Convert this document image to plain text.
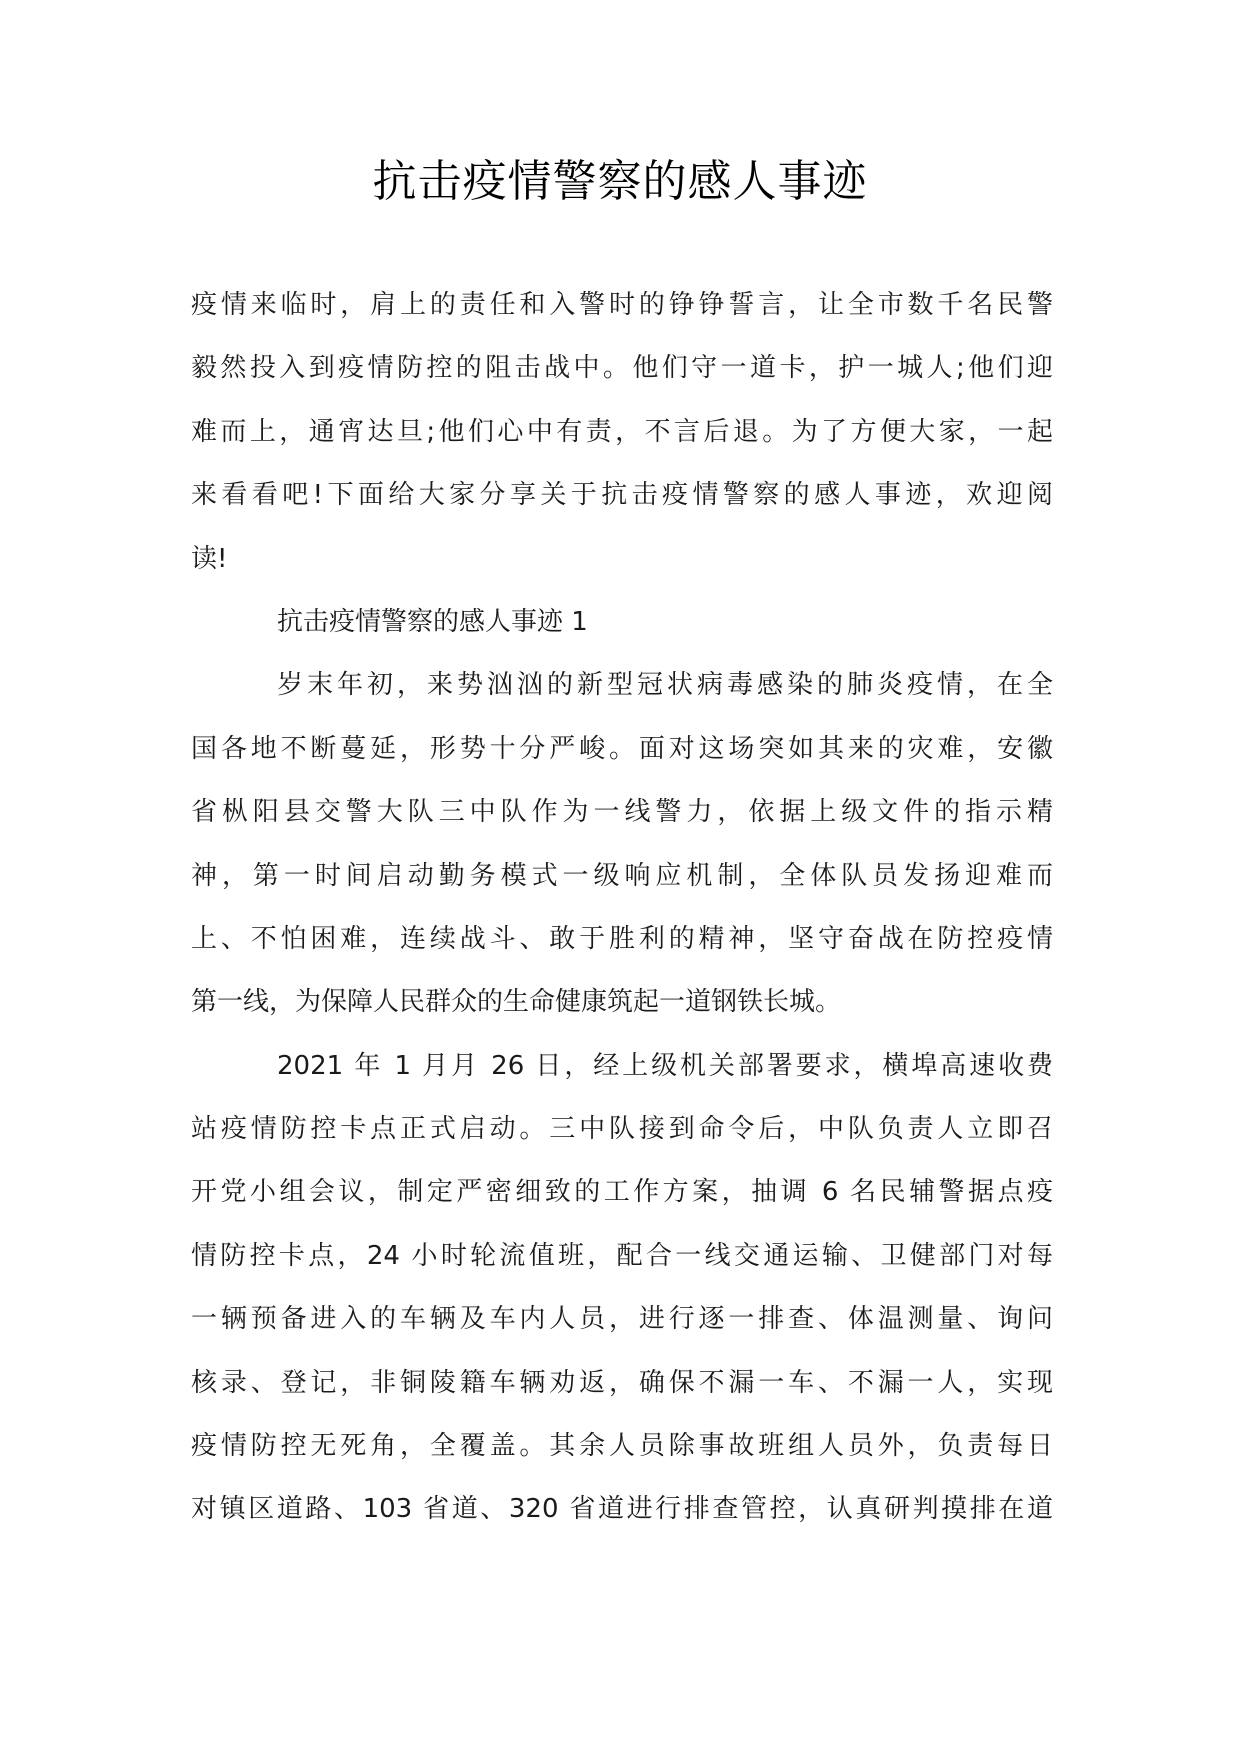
抗击疫情警察的感人事迹
疫情来临时，肩上的责任和入警时的铮铮誓言，让全市数千名民警
毅然投入到疫情防控的阻击战中。他们守一道卡，护一城人;他们迎
难而上，通宵达旦;他们心中有责，不言后退。为了方便大家，一起
来看看吧!下面给大家分享关于抗击疫情警察的感人事迹，欢迎阅
读!
抗击疫情警察的感人事迹 1
岁末年初，来势汹汹的新型冠状病毒感染的肺炎疫情，在全
国各地不断蔓延，形势十分严峻。面对这场突如其来的灾难，安徽
省枞阳县交警大队三中队作为一线警力，依据上级文件的指示精
神，第一时间启动勤务模式一级响应机制，全体队员发扬迎难而
上、不怕困难，连续战斗、敢于胜利的精神，坚守奋战在防控疫情
第一线，为保障人民群众的生命健康筑起一道钢铁长城。
2021 年 1 月月 26 日，经上级机关部署要求，横埠高速收费
站疫情防控卡点正式启动。三中队接到命令后，中队负责人立即召
开党小组会议，制定严密细致的工作方案，抽调 6 名民辅警据点疫
情防控卡点，24 小时轮流值班，配合一线交通运输、卫健部门对每
一辆预备进入的车辆及车内人员，进行逐一排查、体温测量、询问
核录、登记，非铜陵籍车辆劝返，确保不漏一车、不漏一人，实现
疫情防控无死角，全覆盖。其余人员除事故班组人员外，负责每日
对镇区道路、103 省道、320 省道进行排查管控，认真研判摸排在道
